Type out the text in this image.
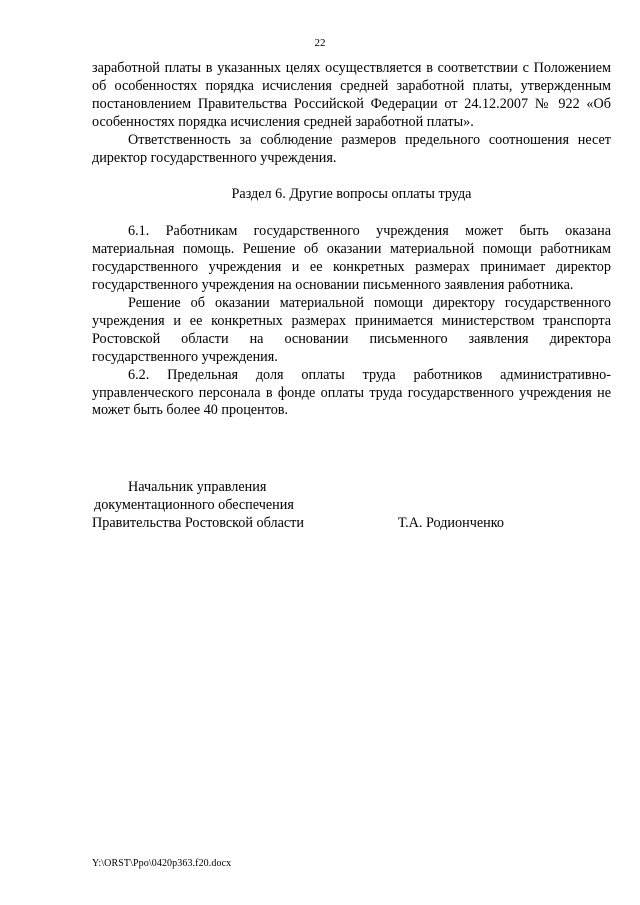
22

заработной платы в указанных целях осуществляется в соответствии с Положением об особенностях порядка исчисления средней заработной платы, утвержденным постановлением Правительства Российской Федерации от 24.12.2007 № 922 «Об особенностях порядка исчисления средней заработной платы».

Ответственность за соблюдение размеров предельного соотношения несет директор государственного учреждения.

Раздел 6. Другие вопросы оплаты труда

6.1. Работникам государственного учреждения может быть оказана материальная помощь. Решение об оказании материальной помощи работникам государственного учреждения и ее конкретных размерах принимает директор государственного учреждения на основании письменного заявления работника.

Решение об оказании материальной помощи директору государственного учреждения и ее конкретных размерах принимается министерством транспорта Ростовской области на основании письменного заявления директора государственного учреждения.

6.2. Предельная доля оплаты труда работников административно-управленческого персонала в фонде оплаты труда государственного учреждения не может быть более 40 процентов.

Начальник управления
документационного обеспечения
Правительства Ростовской области	Т.А. Родионченко
Y:\ORST\Ppo\0420p363.f20.docx
